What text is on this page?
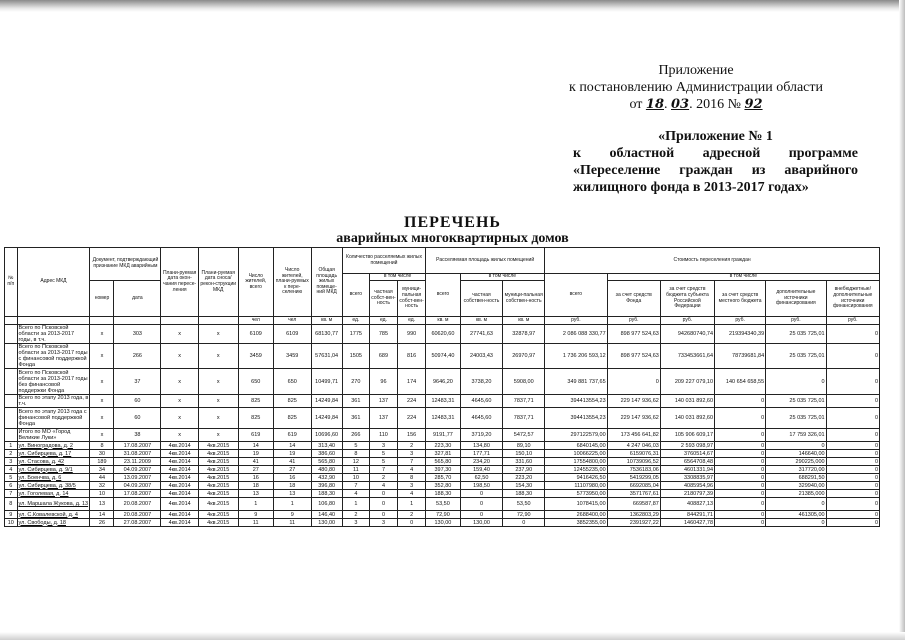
Приложение
к постановлению Администрации области
от 18. 03. 2016 № 92
«Приложение № 1
к областной адресной программе
«Переселение граждан из аварийного
жилищного фонда в 2013-2017 годах»
ПЕРЕЧЕНЬ
аварийных многоквартирных домов
№ п/п	Адрес МКД	Документ, подтверждающий признание МКД аварийным		Плани-руемая дата окон-чания пересе-ления	Плани-руемая дата сноса/ рекон-струкции МКД	Число жителей, всего	Число жителей, плани-руемых к пере-селению	Общая площадь жилых помеще-ний МКД	Количество расселяемых жилых помещений			Расселяемая площадь жилых помещений			Стоимость переселения граждан					
									всего	в том числе		всего	в том числе		всего	в том числе				
		номер	дата							частная собст-вен-ность	муници-пальная собст-вен-ность		частная собствен-ность	муници-пальная собствен-ность		за счет средств Фонда	за счет средств бюджета субъекта Российской Федерации	за счет средств местного бюджета	дополнительные источники финансирования	внебюджетные/ дополнительные источники финансирования
						чел	чел	кв. м	ед.	ед.	ед.	кв. м	кв. м	кв. м	руб.	руб.	руб.	руб.	руб.	руб.
	Всего по Псковской области за 2013-2017 годы, в т.ч.	х	303	х	х	6109	6109	68130,77	1775	785	990	60620,60	27741,63	32878,97	2 086 088 330,77	898 977 524,63	942680740,74	219394340,39	25 035 725,01	0
	Всего по Псковской области за 2013-2017 годы с финансовой поддержкой Фонда	х	266	х	х	3459	3459	57631,04	1505	689	816	50974,40	24003,43	26970,97	1 736 206 593,12	898 977 524,63	733453661,64	78739681,84	25 035 725,01	0
	Всего по Псковской области за 2013-2017 годы без финансовой поддержки Фонда	х	37	х	х	650	650	10499,71	270	96	174	9646,20	3738,20	5908,00	349 881 737,65	0	209 227 079,10	140 654 658,55	0	0
	Всего по этапу 2013 года, в т.ч.	х	60	х	х	825	825	14249,84	361	137	224	12483,31	4645,60	7837,71	394413554,23	229 147 936,62	140 031 892,60	0	25 035 725,01	0
	Всего по этапу 2013 года с финансовой поддержкой Фонда	х	60	х	х	825	825	14249,84	361	137	224	12483,31	4645,60	7837,71	394413554,23	229 147 936,62	140 031 892,60	0	25 035 725,01	0
	Итого по МО «Город Великие Луки»	х	38	х	х	619	619	10696,60	266	110	156	9191,77	3719,20	5472,57	297122579,00	173 456 641,82	105 906 609,17	0	17 759 326,01	0
1	ул. Виноградова, д. 2	8	17.08.2007	4кв.2014	4кв.2015	14	14	313,40	5	3	2	223,30	134,80	89,10	6840145,00	4 247 046,03	2 593 098,97	0	0	0
2	ул. Сибирцева, д. 17	30	31.08.2007	4кв.2014	4кв.2015	19	19	386,60	8	5	3	327,81	177,71	150,10	10066225,00	6159076,31	3760514,67	0	146640,00	0
3	ул. Стасова, д. 42	189	23.11.2009	4кв.2014	4кв.2015	41	41	565,80	12	5	7	565,80	234,20	331,60	17554800,00	10739096,52	6564708,48	0	290225,000	0
4	ул. Сибирцева, д. 9/1	34	04.09.2007	4кв.2014	4кв.2015	27	27	480,80	11	7	4	397,30	159,40	237,90	12455235,00	7536183,06	4601331,94	0	317720,00	0
5	ул. Боенчва, д. 6	44	13.09.2007	4кв.2014	4кв.2015	16	16	432,90	10	2	8	285,70	62,50	223,20	9416426,50	5419299,05	3308835,97	0	688291,50	0
6	ул. Сибирцева, д. 38/5	32	04.09.2007	4кв.2014	4кв.2015	18	18	396,80	7	4	3	352,80	198,50	154,30	11107980,00	6692085,04	4085954,96	0	329940,00	0
7	ул. Гоголевая, д. 14	10	17.08.2007	4кв.2014	4кв.2015	13	13	188,30	4	0	4	188,30	0	188,30	5773950,00	3571767,61	2180797,39	0	21385,000	0
8	ул. Маршала Жукова, д. 13	13	20.08.2007	4кв.2014	4кв.2015	1	1	106,80	1	0	1	53,50	0	53,50	1078415,00	669587,87	408827,13	0	0	0
9	ул. С.Ковалевской, д. 4	14	20.08.2007	4кв.2014	4кв.2015	9	9	146,40	2	0	2	72,90	0	72,90	2688400,00	1362803,29	844291,71	0	461305,00	0
10	ул. Свободы, д. 18	26	27.08.2007	4кв.2014	4кв.2015	11	11	130,00	3	3	0	130,00	130,00	0	3852355,00	2391927,22	1460427,78	0	0	0
